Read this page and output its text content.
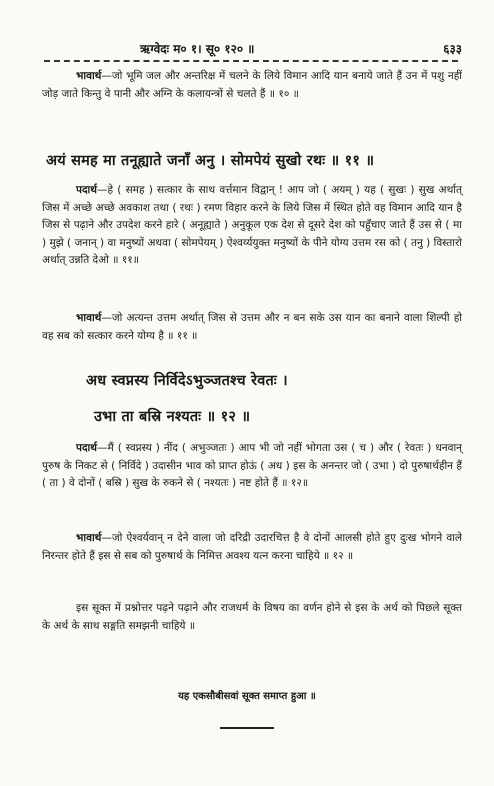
ऋग्वेदः म० १। सू० १२० ॥	६३३

भावार्थ—जो भूमि जल और अन्तरिक्ष में चलने के लिये विमान आदि यान बनाये जाते हैं उन में पशु नहीं जोड़ जाते किन्तु वे पानी और अग्नि के कलायन्त्रों से चलते हैं ॥ १० ॥

अयं समह मा तनूह्याते जनाँ अनु । सोमपेयं सुखो रथः ॥ ११ ॥

पदार्थ—हे ( समह ) सत्कार के साथ वर्त्तमान विद्वान् ! आप जो ( अयम् ) यह ( सुखः ) सुख अर्थात् जिस में अच्छे अच्छे अवकाश तथा ( रथः ) रमण विहार करने के लिये जिस में स्थित होते वह विमान आदि यान है जिस से पढ़ाने और उपदेश करने हारे ( अनूह्याते ) अनुकूल एक देश से दूसरे देश को पहुँचाए जाते हैं उस से ( मा ) मुझे ( जनान् ) वा मनुष्यों अथवा ( सोमपेयम् ) ऐश्वर्य्ययुक्त मनुष्यों के पीने योग्य उत्तम रस को ( तनु ) विस्तारो अर्थात् उन्नति देओ ॥ ११॥

भावार्थ—जो अत्यन्त उत्तम अर्थात् जिस से उत्तम और न बन सके उस यान का बनाने वाला शिल्पी हो वह सब को सत्कार करने योग्य है ॥ ११ ॥

अध स्वप्नस्य निर्विदेऽभुञ्जतश्च रेवतः ।
उभा ता बस्रि नश्यतः ॥ १२ ॥

पदार्थ—मैं ( स्वप्नस्य ) नींद ( अभुञ्जतः ) आप भी जो नहीं भोगता उस ( च ) और ( रेवतः ) धनवान् पुरुष के निकट से ( निर्विदे ) उदासीन भाव को प्राप्त होऊं ( अध ) इस के अनन्तर जो ( उभा ) दो पुरुषार्थहीन हैं ( ता ) वे दोनों ( बस्रि ) सुख के रुकने से ( नश्यतः ) नष्ट होते हैं ॥ १२॥

भावार्थ—जो ऐश्वर्यवान् न देने वाला जो दरिद्री उदारचित्त है वे दोनों आलसी होते हुए दुःख भोगने वाले निरन्तर होते हैं इस से सब को पुरुषार्थ के निमित्त अवश्य यत्न करना चाहिये ॥ १२ ॥

इस सूक्त में प्रश्नोत्तर पढ़ने पढ़ाने और राजधर्म के विषय का वर्णन होने से इस के अर्थ को पिछले सूक्त के अर्थ के साथ सङ्गति समझनी चाहिये ॥

यह एकसौबीसवां सूक्त समाप्त हुआ ॥
